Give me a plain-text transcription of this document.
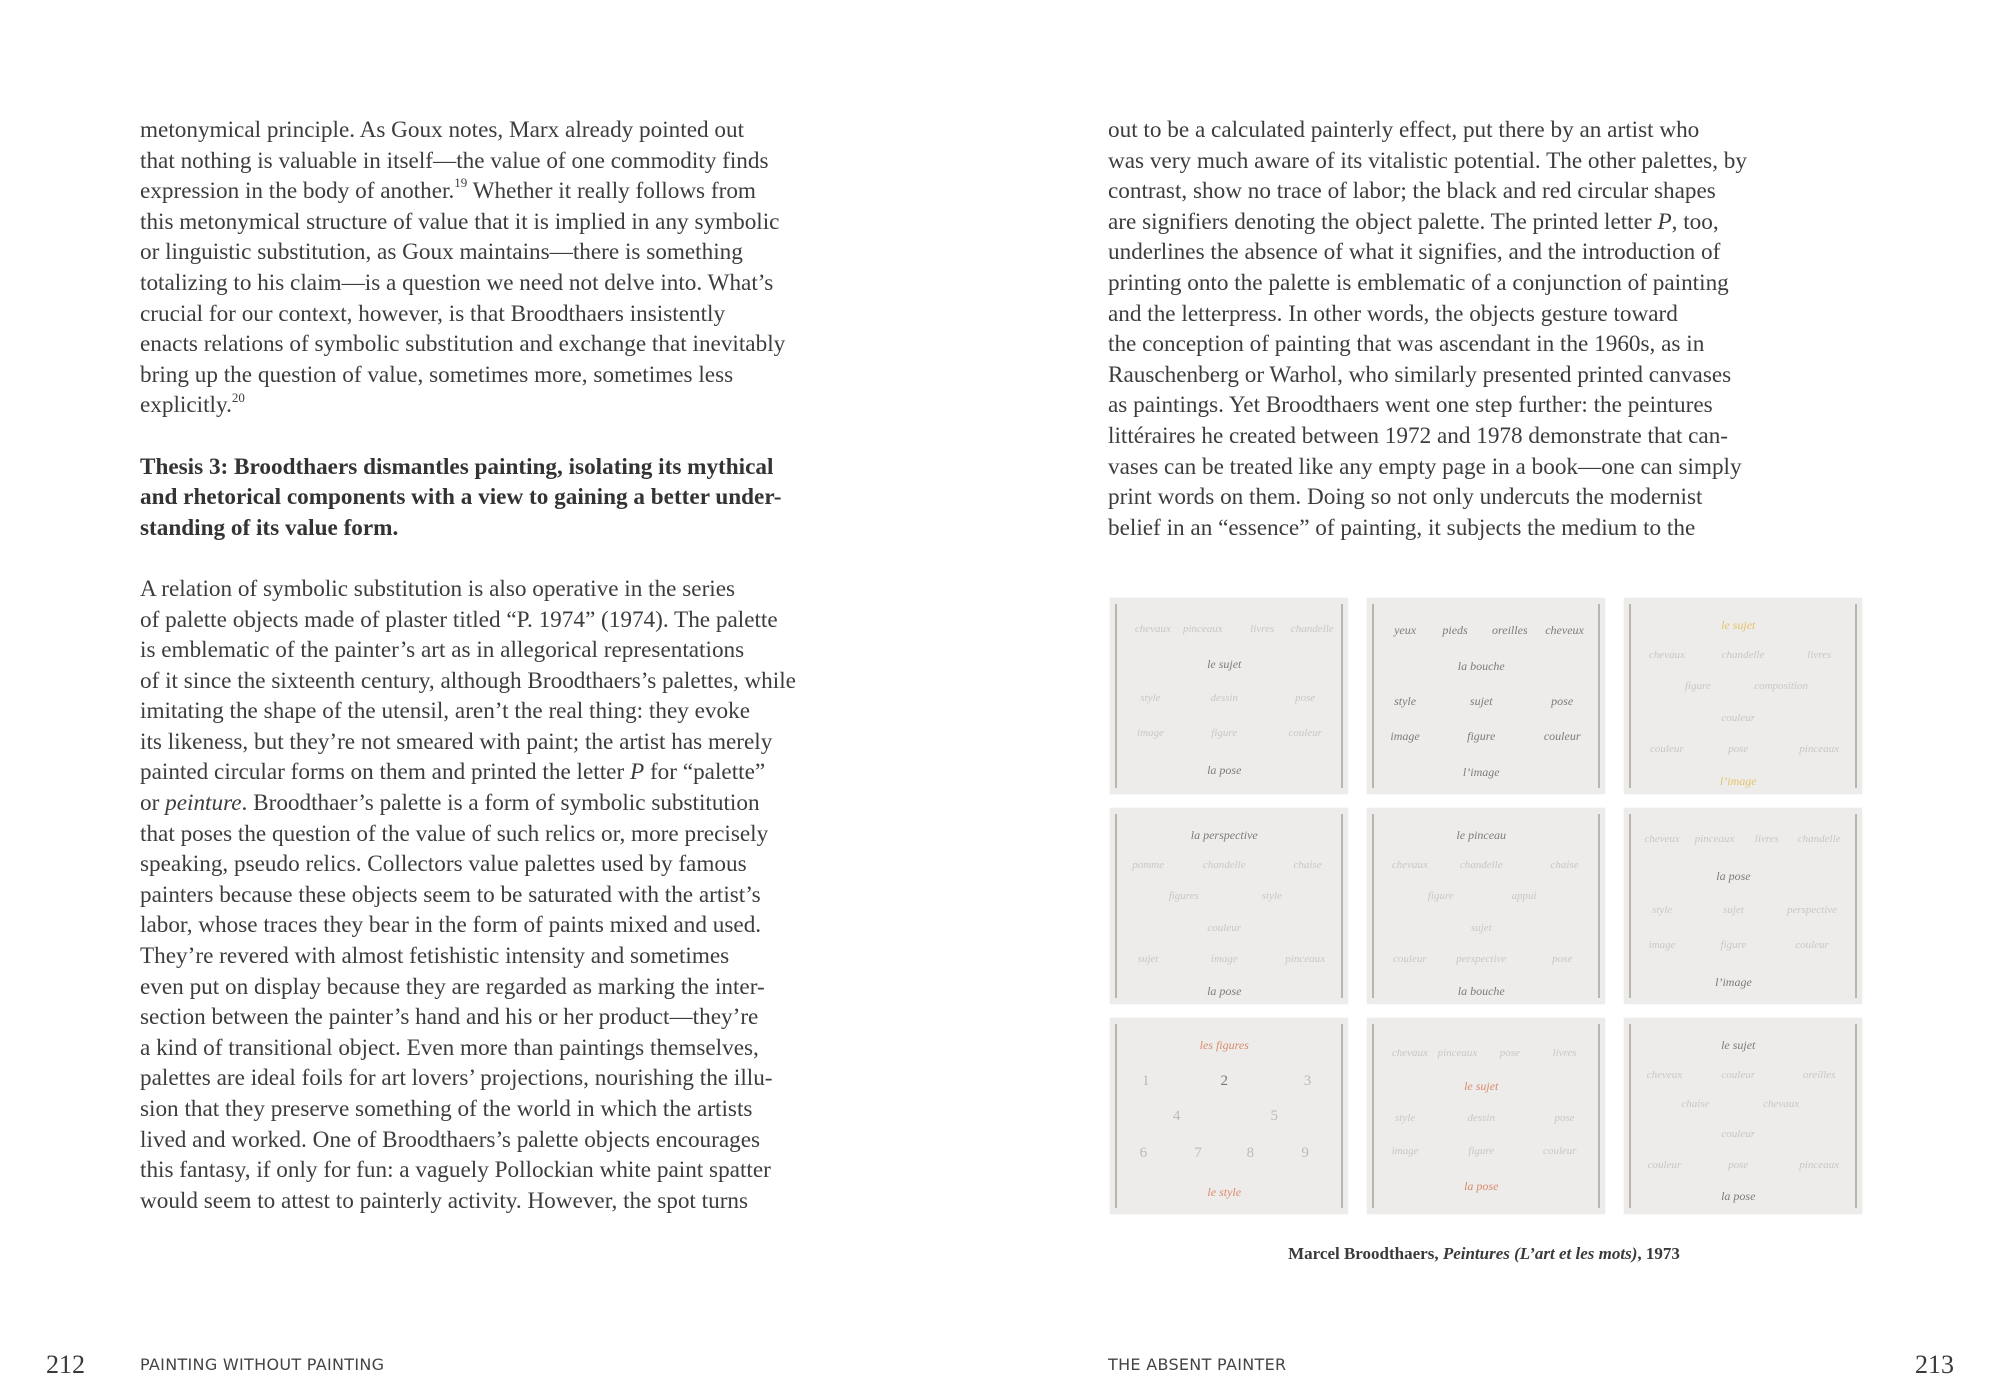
metonymical principle. As Goux notes, Marx already pointed out
that nothing is valuable in itself—the value of one commodity finds
expression in the body of another.$^{19}$ Whether it really follows from
this metonymical structure of value that it is implied in any symbolic
or linguistic substitution, as Goux maintains—there is something
totalizing to his claim—is a question we need not delve into. What’s
crucial for our context, however, is that Broodthaers insistently
enacts relations of symbolic substitution and exchange that inevitably
bring up the question of value, sometimes more, sometimes less
explicitly.$^{20}$
Thesis 3: Broodthaers dismantles painting, isolating its mythical
and rhetorical components with a view to gaining a better under-
standing of its value form.
A relation of symbolic substitution is also operative in the series
of palette objects made of plaster titled “P. 1974” (1974). The palette
is emblematic of the painter’s art as in allegorical representations
of it since the sixteenth century, although Broodthaers’s palettes, while
imitating the shape of the utensil, aren’t the real thing: they evoke
its likeness, but they’re not smeared with paint; the artist has merely
painted circular forms on them and printed the letter P for “palette”
or peinture. Broodthaer’s palette is a form of symbolic substitution
that poses the question of the value of such relics or, more precisely
speaking, pseudo relics. Collectors value palettes used by famous
painters because these objects seem to be saturated with the artist’s
labor, whose traces they bear in the form of paints mixed and used.
They’re revered with almost fetishistic intensity and sometimes
even put on display because they are regarded as marking the inter-
section between the painter’s hand and his or her product—they’re
a kind of transitional object. Even more than paintings themselves,
palettes are ideal foils for art lovers’ projections, nourishing the illu-
sion that they preserve something of the world in which the artists
lived and worked. One of Broodthaers’s palette objects encourages
this fantasy, if only for fun: a vaguely Pollockian white paint spatter
would seem to attest to painterly activity. However, the spot turns
212	PAINTING WITHOUT PAINTING
out to be a calculated painterly effect, put there by an artist who
was very much aware of its vitalistic potential. The other palettes, by
contrast, show no trace of labor; the black and red circular shapes
are signifiers denoting the object palette. The printed letter P, too,
underlines the absence of what it signifies, and the introduction of
printing onto the palette is emblematic of a conjunction of painting
and the letterpress. In other words, the objects gesture toward
the conception of painting that was ascendant in the 1960s, as in
Rauschenberg or Warhol, who similarly presented printed canvases
as paintings. Yet Broodthaers went one step further: the peintures
littéraires he created between 1972 and 1978 demonstrate that can-
vases can be treated like any empty page in a book—one can simply
print words on them. Doing so not only undercuts the modernist
belief in an “essence” of painting, it subjects the medium to the
chevaux pinceaux	livres chandelle
le sujet
style	dessin	pose
image	figure	couleur
la pose
yeux pieds oreilles cheveux
la bouche
style	sujet	pose
image	figure	couleur
l’image
le sujet
chevaux	chandelle	livres
figure	composition
couleur
couleur	pose	pinceaux
l’image
la perspective
pomme	chandelle	chaise
figures	style
couleur
sujet	image	pinceaux
la pose
le pinceau
chevaux	chandelle	chaise
figure	appui
sujet
couleur	perspective	pose
la bouche
cheveux pinceaux livres chandelle
la pose
style	sujet	perspective
image	figure	couleur
l’image
les figures
1	2	3
4	5
6	7	8	9
le style
chevaux pinceaux pose	livres
le sujet
style	dessin	pose
image	figure	couleur
la pose
le sujet
cheveux	couleur	oreilles
chaise	chevaux
couleur
couleur	pose	pinceaux
la pose
Marcel Broodthaers, Peintures (L’art et les mots), 1973
THE ABSENT PAINTER	213
